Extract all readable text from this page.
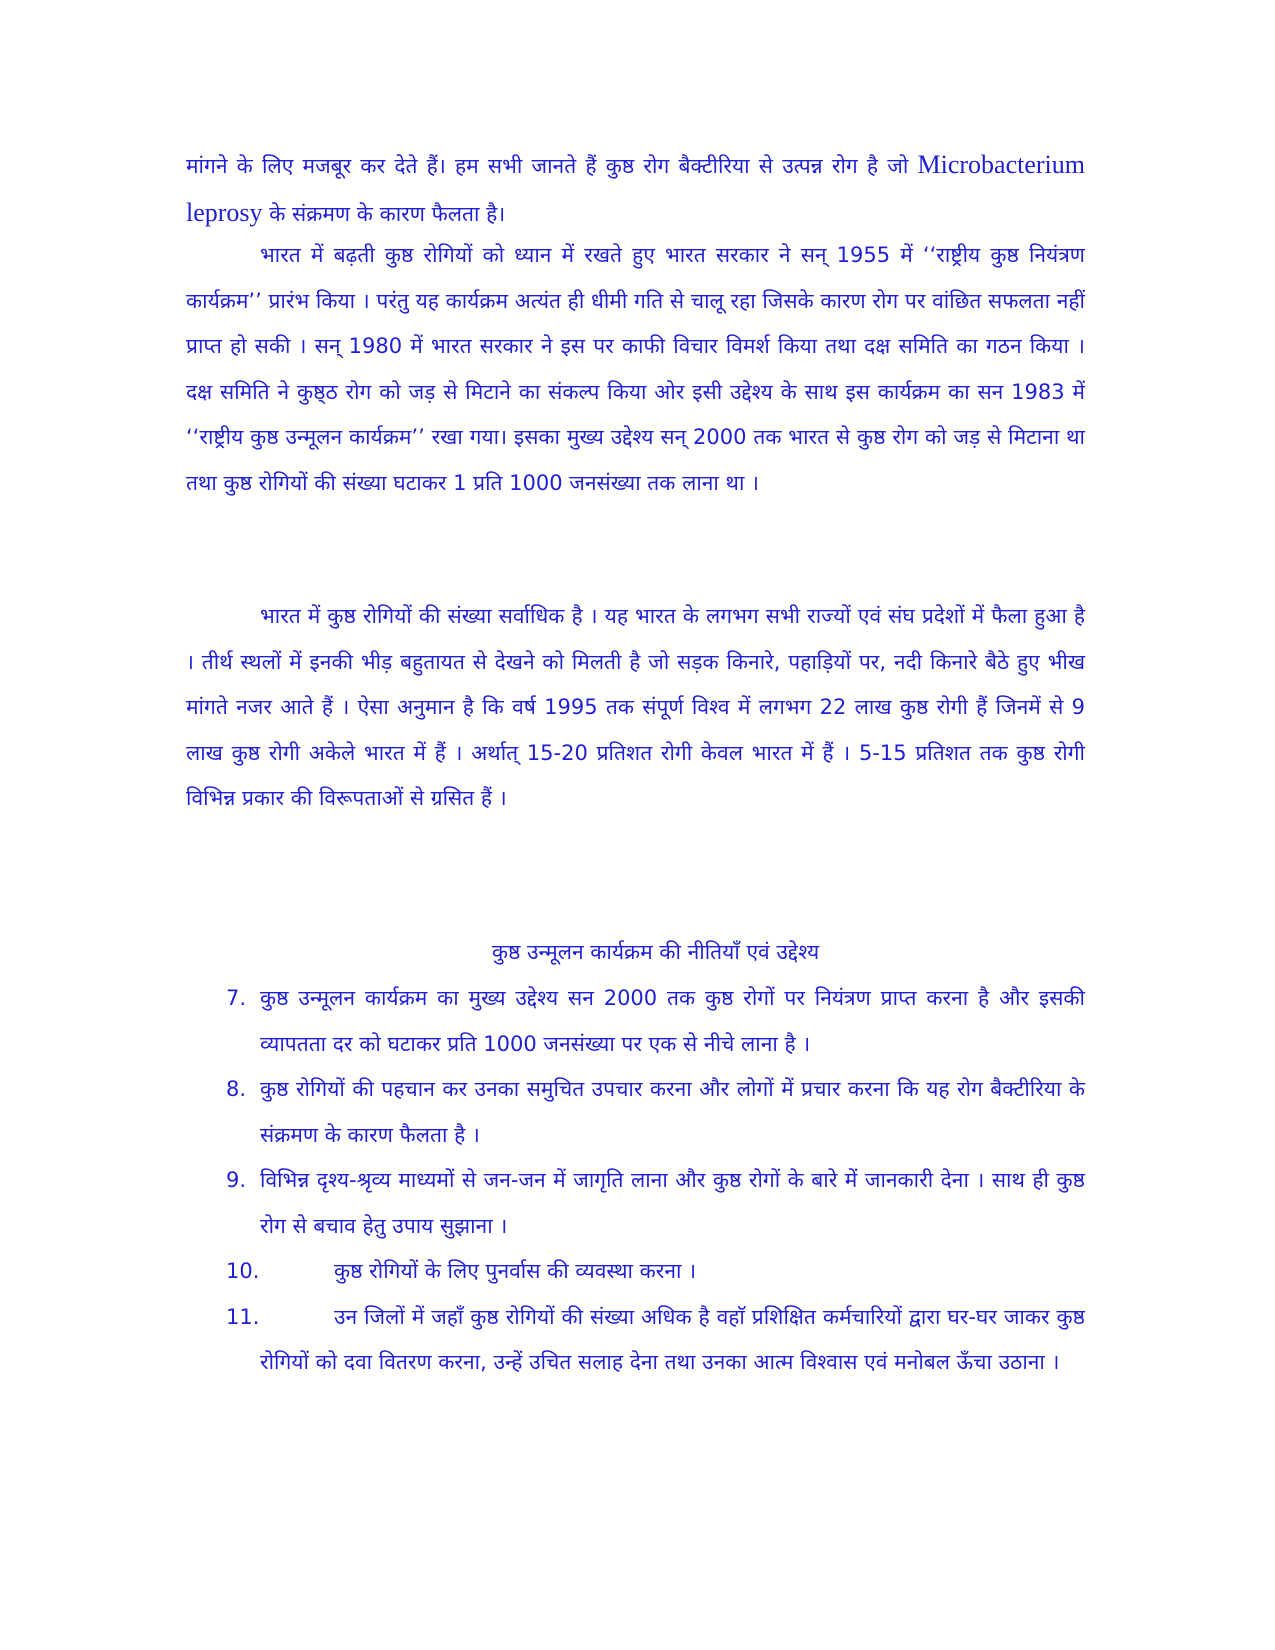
मांगने के लिए मजबूर कर देते हैं। हम सभी जानते हैं कुष्ठ रोग बैक्टीरिया से उत्पन्न रोग है जो Microbacterium leprosy के संक्रमण के कारण फैलता है।
भारत में बढ़ती कुष्ठ रोगियों को ध्यान में रखते हुए भारत सरकार ने सन् 1955 में ‘‘राष्ट्रीय कुष्ठ नियंत्रण कार्यक्रम’’ प्रारंभ किया । परंतु यह कार्यक्रम अत्यंत ही धीमी गति से चालू रहा जिसके कारण रोग पर वांछित सफलता नहीं प्राप्त हो सकी । सन् 1980 में भारत सरकार ने इस पर काफी विचार विमर्श किया तथा दक्ष समिति का गठन किया । दक्ष समिति ने कुष्ठ्ठ रोग को जड़ से मिटाने का संकल्प किया ओर इसी उद्देश्य के साथ इस कार्यक्रम का सन 1983 में ‘‘राष्ट्रीय कुष्ठ उन्मूलन कार्यक्रम’’ रखा गया। इसका मुख्य उद्देश्य सन् 2000 तक भारत से कुष्ठ रोग को जड़ से मिटाना था तथा कुष्ठ रोगियों की संख्या घटाकर 1 प्रति 1000 जनसंख्या तक लाना था ।
भारत में कुष्ठ रोगियों की संख्या सर्वाधिक है । यह भारत के लगभग सभी राज्यों एवं संघ प्रदेशों में फैला हुआ है । तीर्थ स्थलों में इनकी भीड़ बहुतायत से देखने को मिलती है जो सड़क किनारे, पहाड़ियों पर, नदी किनारे बैठे हुए भीख मांगते नजर आते हैं । ऐसा अनुमान है कि वर्ष 1995 तक संपूर्ण विश्व में लगभग 22 लाख कुष्ठ रोगी हैं जिनमें से 9 लाख कुष्ठ रोगी अकेले भारत में हैं । अर्थात् 15-20 प्रतिशत रोगी केवल भारत में हैं । 5-15 प्रतिशत तक कुष्ठ रोगी विभिन्न प्रकार की विरूपताओं से ग्रसित हैं ।
कुष्ठ उन्मूलन कार्यक्रम की नीतियाँ एवं उद्देश्य
7. कुष्ठ उन्मूलन कार्यक्रम का मुख्य उद्देश्य सन 2000 तक कुष्ठ रोगों पर नियंत्रण प्राप्त करना है और इसकी व्यापतता दर को घटाकर प्रति 1000 जनसंख्या पर एक से नीचे लाना है ।
8. कुष्ठ रोगियों की पहचान कर उनका समुचित उपचार करना और लोगों में प्रचार करना कि यह रोग बैक्टीरिया के संक्रमण के कारण फैलता है ।
9. विभिन्न दृश्य-श्रृव्य माध्यमों से जन-जन में जागृति लाना और कुष्ठ रोगों के बारे में जानकारी देना । साथ ही कुष्ठ रोग से बचाव हेतु उपाय सुझाना ।
10.	कुष्ठ रोगियों के लिए पुनर्वास की व्यवस्था करना ।
11.	उन जिलों में जहाँ कुष्ठ रोगियों की संख्या अधिक है वहाॅ प्रशिक्षित कर्मचारियों द्वारा घर-घर जाकर कुष्ठ रोगियों को दवा वितरण करना, उन्हें उचित सलाह देना तथा उनका आत्म विश्वास एवं मनोबल ऊँचा उठाना ।
